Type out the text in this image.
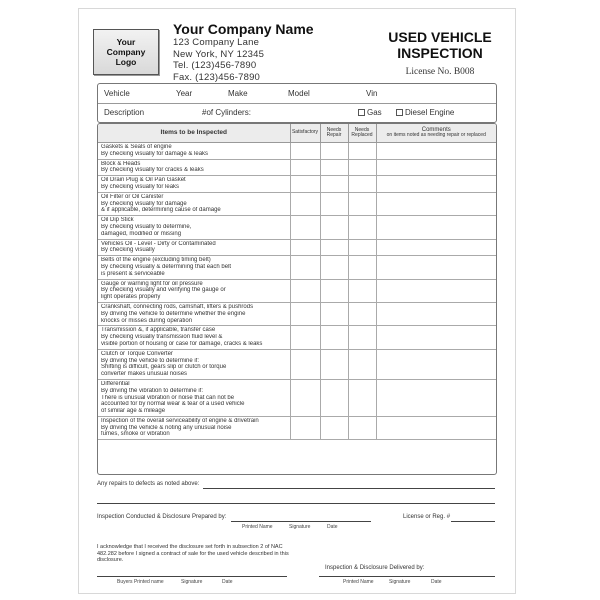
Your
Company
Logo
Your Company Name
123 Company Lane
New York, NY 12345
Tel. (123)456-7890
Fax. (123)456-7890
USED VEHICLE
INSPECTION
License No. B008
Vehicle	Year	Make	Model	Vin
Description	#of Cylinders:	Gas	Diesel Engine
Items to be Inspected	Satisfactory	Needs Repair	Needs Replaced	Comments
on items noted as needing repair or replaced

Gaskets & Seals of engine
By checking visually for damage & leaks				

Block & Heads
By checking visually for cracks & leaks				

Oil Drain Plug & Oil Pan Gasket
By checking visually for leaks				

Oil Filter or Oil Canister
By checking visually for damage
& if applicable, determining cause of damage				

Oil Dip Stick
By checking visually to determine,
damaged, modified or missing				

Vehicles Oil - Level - Dirty or Contaminated
By checking visually				

Belts of the engine (excluding timing belt)
By checking visually & determining that each belt
is present & serviceable				

Gauge or warning light for oil pressure
By checking visually and verifying the gauge or
light operates properly				

Crankshaft, connecting rods, camshaft, lifters & pushrods
By driving the vehicle to determine whether the engine
knocks or misses during operation				

Transmission &, if applicable, transfer case
By checking visually transmission fluid level &
visible portion of housing or case for damage, cracks & leaks				

Clutch or Torque Converter
By driving the vehicle to determine if:
Shifting is difficult, gears slip or clutch or torque
converter makes unusual noises				

Differential
By driving the vibration to determine if:
There is unusual vibration or noise that can not be
accounted for by normal wear & tear of a used vehicle
of similar age & mileage				

Inspection of the overall serviceability of engine & drivetrain
By driving the vehicle & noting any unusual noise
fumes, smoke or vibration				

Any repairs to defects as noted above:
Inspection Conducted & Disclosure Prepared by:	License or Reg. #
Printed Name	Signature	Date
I acknowledge that I received the disclosure set forth in subsection 2 of NAC 482.282 before I signed a contract of sale for the used vehicle described in this disclosure.
Inspection & Disclosure Delivered by:
Buyers Printed name	Signature	Date	Printed Name	Signature	Date
